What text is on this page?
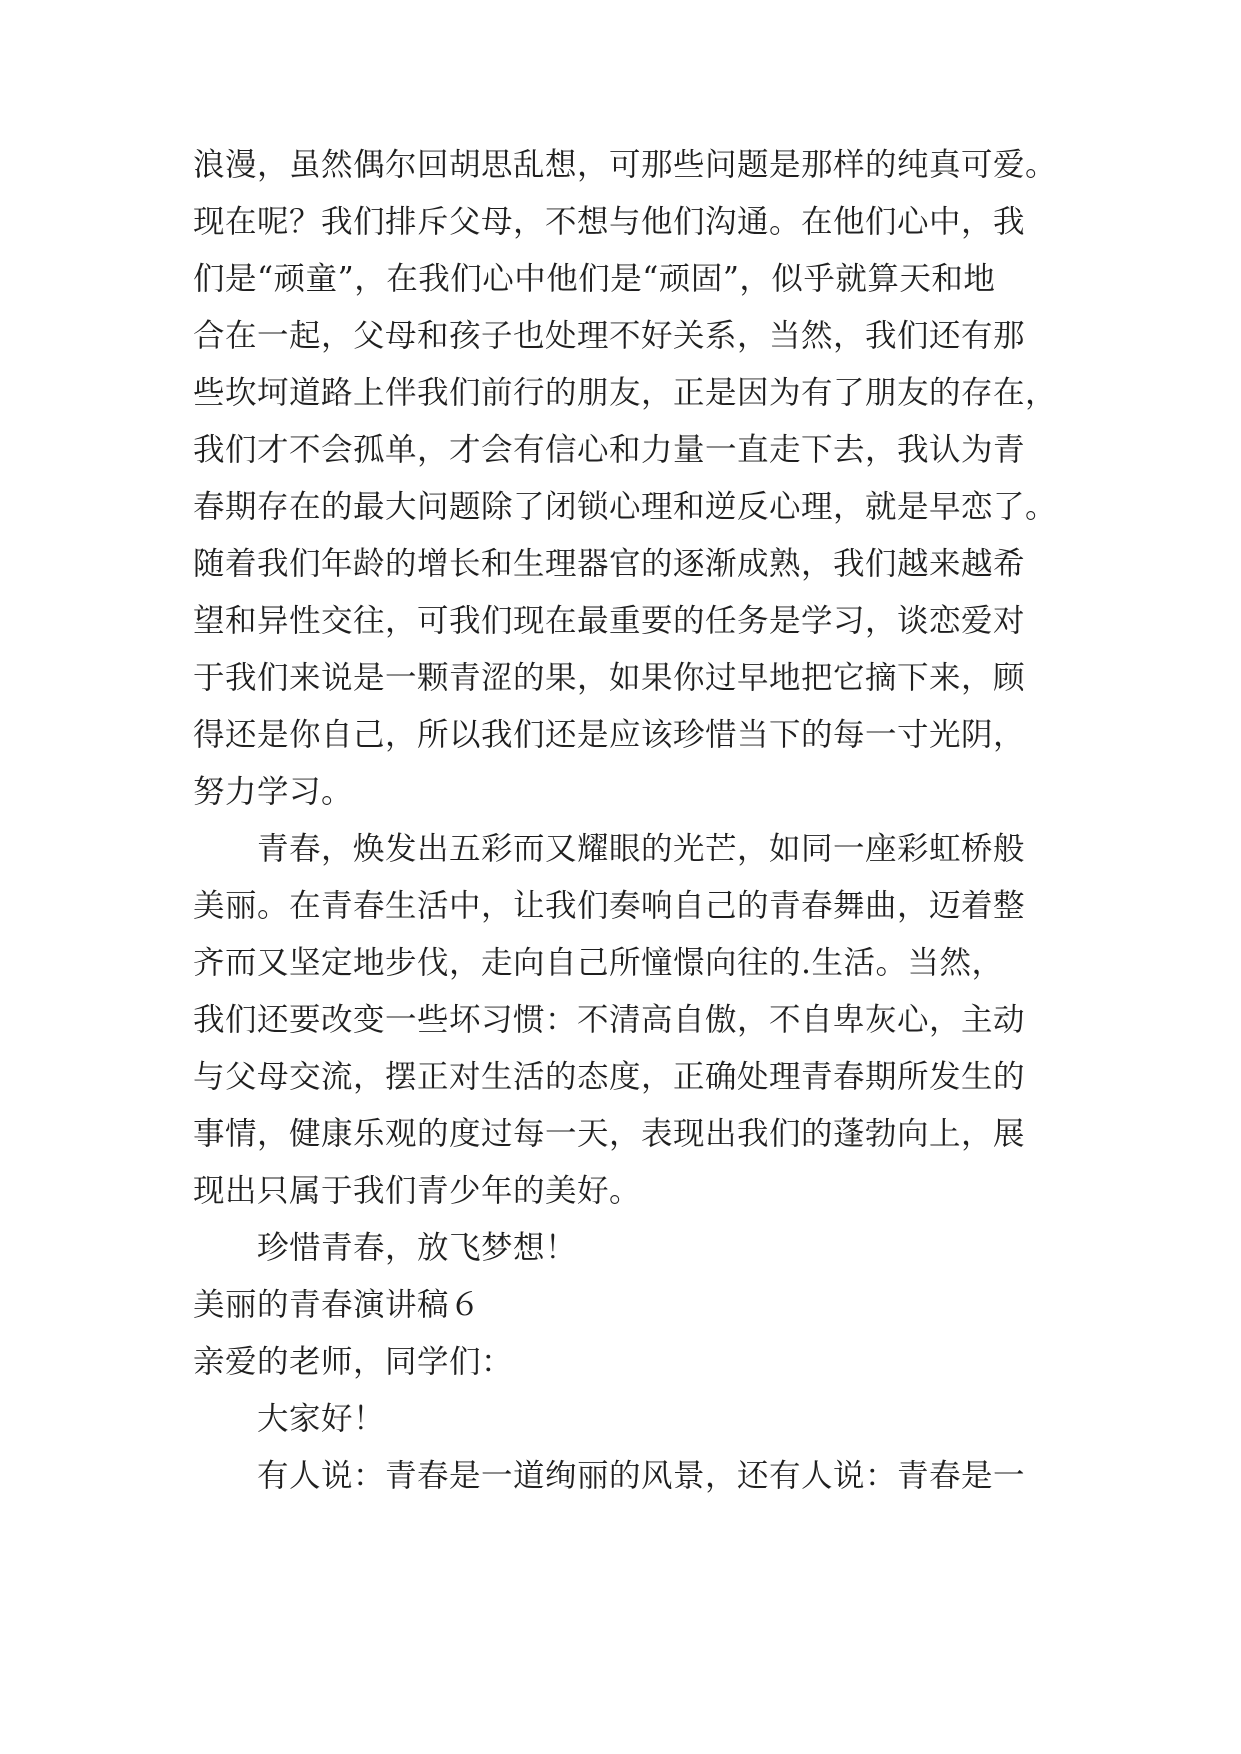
浪漫，虽然偶尔回胡思乱想，可那些问题是那样的纯真可爱。

现在呢？我们排斥父母，不想与他们沟通。在他们心中，我

们是“顽童”，在我们心中他们是“顽固”，似乎就算天和地

合在一起，父母和孩子也处理不好关系，当然，我们还有那

些坎坷道路上伴我们前行的朋友，正是因为有了朋友的存在，

我们才不会孤单，才会有信心和力量一直走下去，我认为青

春期存在的最大问题除了闭锁心理和逆反心理，就是早恋了。

随着我们年龄的增长和生理器官的逐渐成熟，我们越来越希

望和异性交往，可我们现在最重要的任务是学习，谈恋爱对

于我们来说是一颗青涩的果，如果你过早地把它摘下来，顾

得还是你自己，所以我们还是应该珍惜当下的每一寸光阴，

努力学习。

青春，焕发出五彩而又耀眼的光芒，如同一座彩虹桥般

美丽。在青春生活中，让我们奏响自己的青春舞曲，迈着整

齐而又坚定地步伐，走向自己所憧憬向往的.生活。当然，

我们还要改变一些坏习惯：不清高自傲，不自卑灰心，主动

与父母交流，摆正对生活的态度，正确处理青春期所发生的

事情，健康乐观的度过每一天，表现出我们的蓬勃向上，展

现出只属于我们青少年的美好。

珍惜青春，放飞梦想！

美丽的青春演讲稿６

亲爱的老师，同学们：

大家好！

有人说：青春是一道绚丽的风景，还有人说：青春是一
